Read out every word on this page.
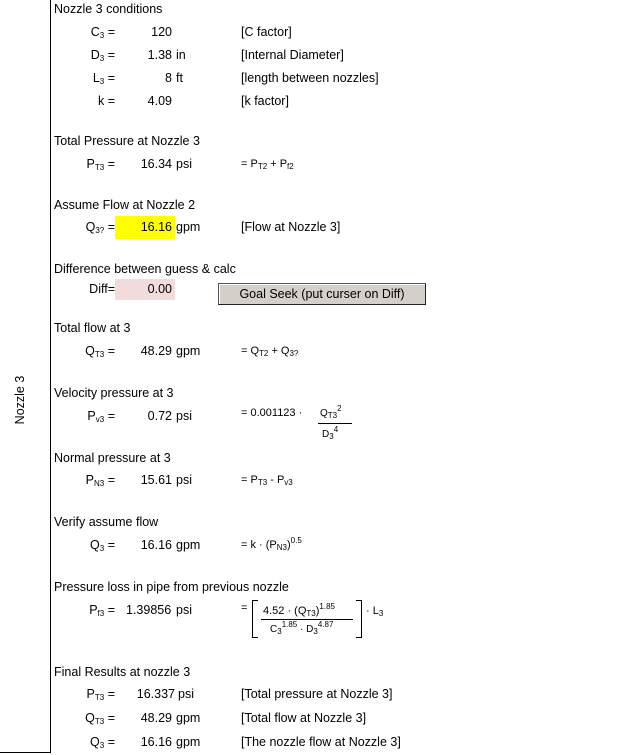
Nozzle 3
Nozzle 3 conditions
$C_3$ =	120	[C factor]
$D_3$ =	1.38 in	[Internal Diameter]
$L_3$ =	8 ft	[length between nozzles]
k =	4.09	[k factor]
Total Pressure at Nozzle 3
$P_{T3}$ =	16.34 psi	= $P_{T2} + P_{f2}$
Assume Flow at Nozzle 2
$Q_{3?}$ =	16.16 gpm	[Flow at Nozzle 3]
Difference between guess & calc
Diff=	0.00	Goal Seek (put curser on Diff)
Total flow at 3
$Q_{T3}$ =	48.29 gpm	= $Q_{T2} + Q_{3?}$
Velocity pressure at 3
$P_{v3}$ =	0.72 psi	= $0.001123 \cdot Q_{T3}^2$
$D_3^4$
Normal pressure at 3
$P_{N3}$ =	15.61 psi	= $P_{T3} - P_{v3}$
Verify assume flow
$Q_3$ =	16.16 gpm	= $k \cdot (P_{N3})^{0.5}$
Pressure loss in pipe from previous nozzle
$P_{f3} = 1.39856$ psi	= $4.52 \cdot (Q_{T3})^{1.85}$
$C_3^{1.85} \cdot D_3^{4.87}$
· $L_3$
Final Results at nozzle 3
$P_{T3}$ =	16.337 psi	[Total pressure at Nozzle 3]
$Q_{T3}$ =	48.29 gpm	[Total flow at Nozzle 3]
$Q_3$ =	16.16 gpm	[The nozzle flow at Nozzle 3]
